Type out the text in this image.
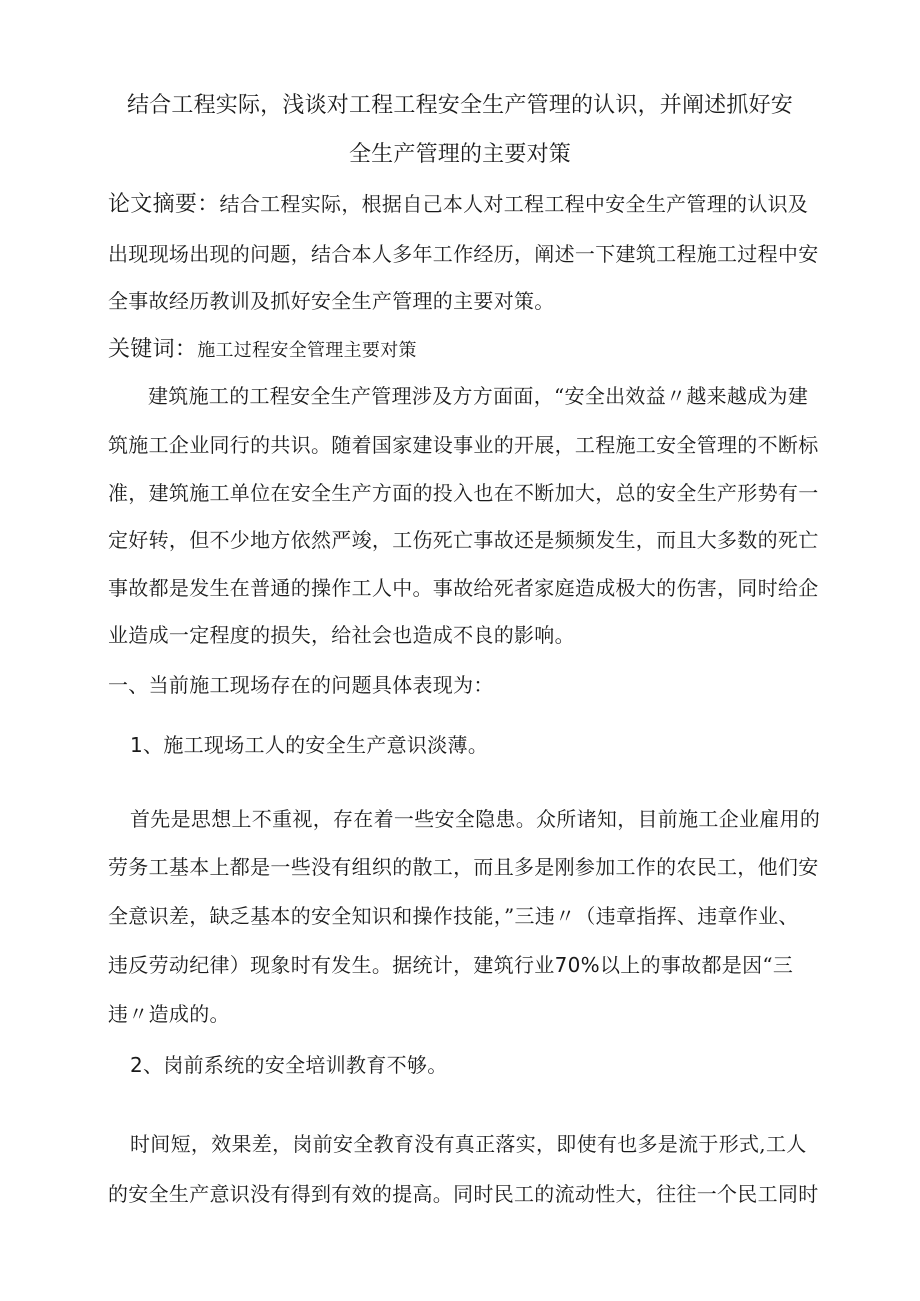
结合工程实际，浅谈对工程工程安全生产管理的认识，并阐述抓好安
全生产管理的主要对策
论文摘要：结合工程实际，根据自己本人对工程工程中安全生产管理的认识及
出现现场出现的问题，结合本人多年工作经历，阐述一下建筑工程施工过程中安
全事故经历教训及抓好安全生产管理的主要对策。
关键词：施工过程安全管理主要对策
建筑施工的工程安全生产管理涉及方方面面，“安全出效益〃越来越成为建
筑施工企业同行的共识。随着国家建设事业的开展，工程施工安全管理的不断标
准，建筑施工单位在安全生产方面的投入也在不断加大，总的安全生产形势有一
定好转，但不少地方依然严竣，工伤死亡事故还是频频发生，而且大多数的死亡
事故都是发生在普通的操作工人中。事故给死者家庭造成极大的伤害，同时给企
业造成一定程度的损失，给社会也造成不良的影响。
一、当前施工现场存在的问题具体表现为：
1、施工现场工人的安全生产意识淡薄。
首先是思想上不重视，存在着一些安全隐患。众所诸知，目前施工企业雇用的
劳务工基本上都是一些没有组织的散工，而且多是刚参加工作的农民工，他们安
全意识差，缺乏基本的安全知识和操作技能，”三违〃（违章指挥、违章作业、
违反劳动纪律）现象时有发生。据统计，建筑行业70%以上的事故都是因“三
违〃造成的。
2、岗前系统的安全培训教育不够。
时间短，效果差，岗前安全教育没有真正落实，即使有也多是流于形式,工人
的安全生产意识没有得到有效的提高。同时民工的流动性大，往往一个民工同时
